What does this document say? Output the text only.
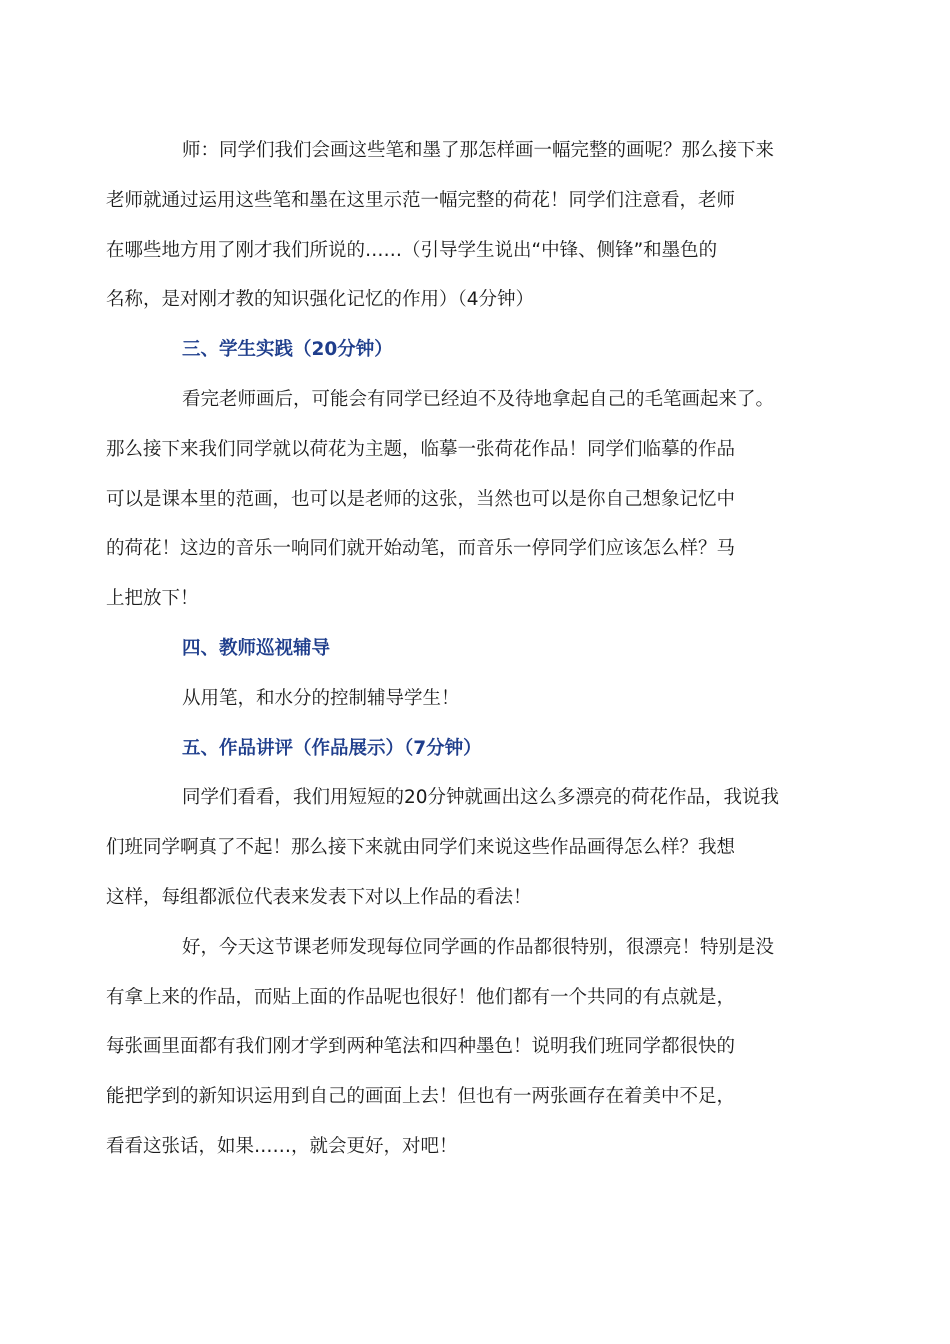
师：同学们我们会画这些笔和墨了那怎样画一幅完整的画呢？那么接下来
老师就通过运用这些笔和墨在这里示范一幅完整的荷花！同学们注意看，老师
在哪些地方用了刚才我们所说的……（引导学生说出“中锋、侧锋”和墨色的
名称，是对刚才教的知识强化记忆的作用）（4分钟）

三、学生实践（20分钟）

看完老师画后，可能会有同学已经迫不及待地拿起自己的毛笔画起来了。
那么接下来我们同学就以荷花为主题，临摹一张荷花作品！同学们临摹的作品
可以是课本里的范画，也可以是老师的这张，当然也可以是你自己想象记忆中
的荷花！这边的音乐一响同们就开始动笔，而音乐一停同学们应该怎么样？马
上把放下！

四、教师巡视辅导

从用笔，和水分的控制辅导学生！

五、作品讲评（作品展示）（7分钟）

同学们看看，我们用短短的20分钟就画出这么多漂亮的荷花作品，我说我
们班同学啊真了不起！那么接下来就由同学们来说这些作品画得怎么样？我想
这样，每组都派位代表来发表下对以上作品的看法！

好，今天这节课老师发现每位同学画的作品都很特别，很漂亮！特别是没
有拿上来的作品，而贴上面的作品呢也很好！他们都有一个共同的有点就是，
每张画里面都有我们刚才学到两种笔法和四种墨色！说明我们班同学都很快的
能把学到的新知识运用到自己的画面上去！但也有一两张画存在着美中不足，
看看这张话，如果……，就会更好，对吧！
